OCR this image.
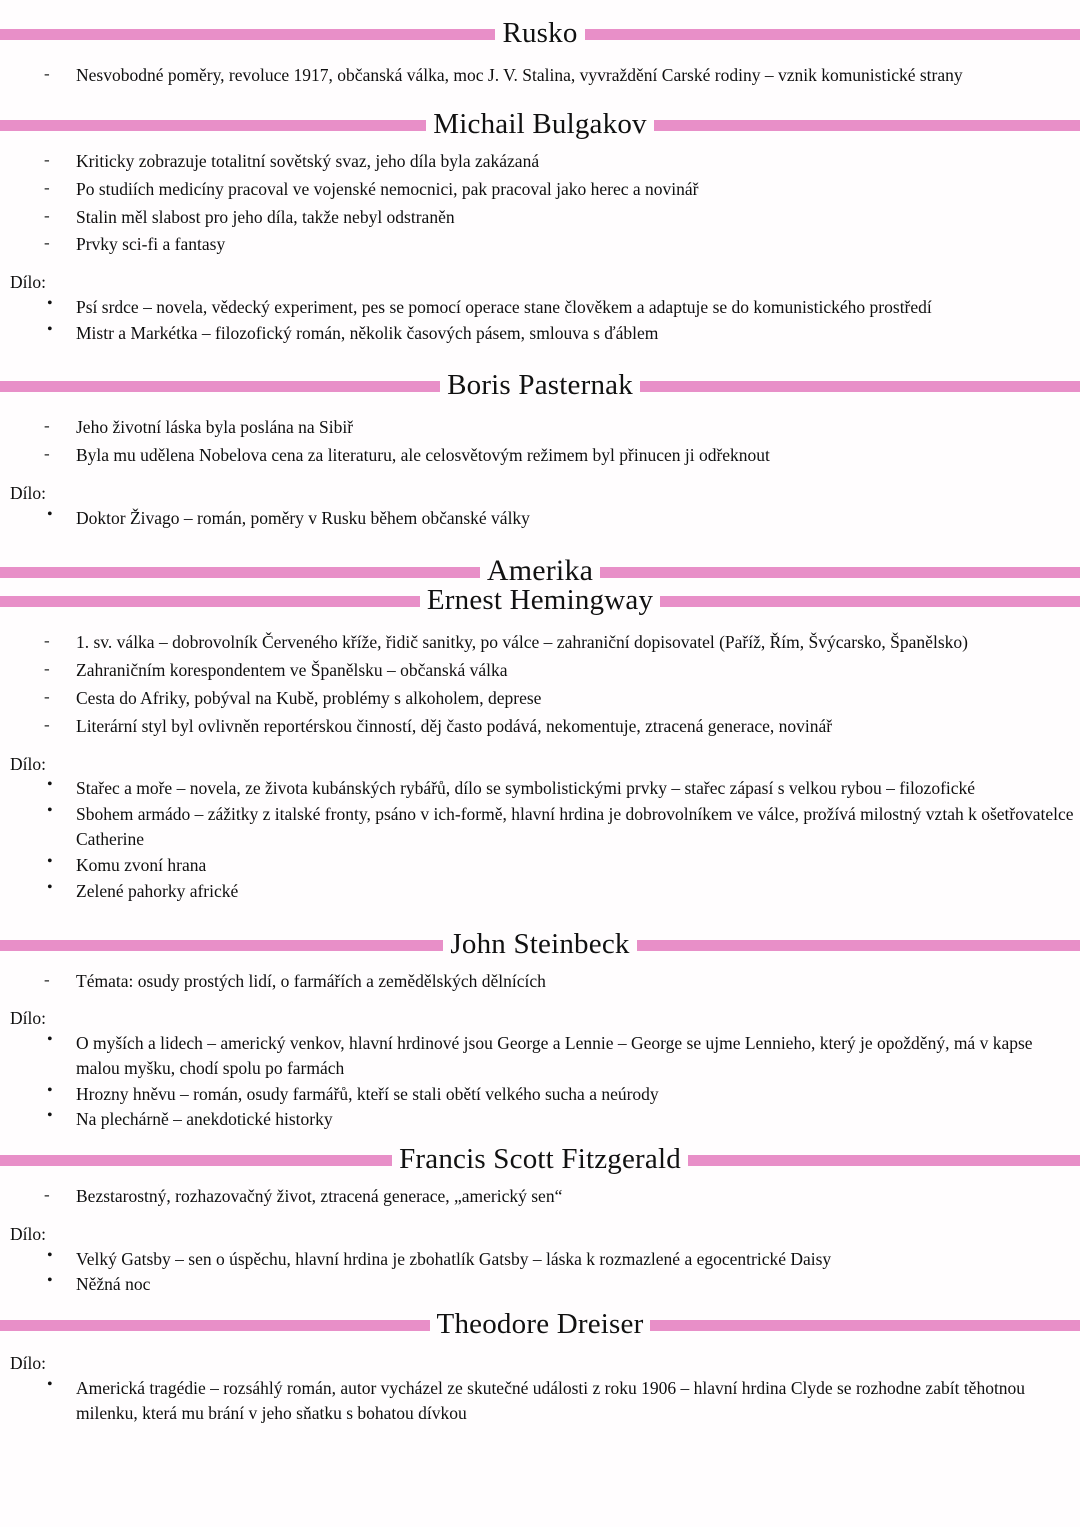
Rusko
- Nesvobodné poměry, revoluce 1917, občanská válka, moc J. V. Stalina, vyvraždění Carské rodiny – vznik komunistické strany
Michail Bulgakov
- Kriticky zobrazuje totalitní sovětský svaz, jeho díla byla zakázaná
- Po studiích medicíny pracoval ve vojenské nemocnici, pak pracoval jako herec a novinář
- Stalin měl slabost pro jeho díla, takže nebyl odstraněn
- Prvky sci-fi a fantasy
Dílo:
• Psí srdce – novela, vědecký experiment, pes se pomocí operace stane člověkem a adaptuje se do komunistického prostředí
• Mistr a Markétka – filozofický román, několik časových pásem, smlouva s ďáblem
Boris Pasternak
- Jeho životní láska byla poslána na Sibiř
- Byla mu udělena Nobelova cena za literaturu, ale celosvětovým režimem byl přinucen ji odřeknout
Dílo:
• Doktor Živago – román, poměry v Rusku během občanské války
Amerika
Ernest Hemingway
- 1. sv. válka – dobrovolník Červeného kříže, řidič sanitky, po válce – zahraniční dopisovatel (Paříž, Řím, Švýcarsko, Španělsko)
- Zahraničním korespondentem ve Španělsku – občanská válka
- Cesta do Afriky, pobýval na Kubě, problémy s alkoholem, deprese
- Literární styl byl ovlivněn reportérskou činností, děj často podává, nekomentuje, ztracená generace, novinář
Dílo:
• Stařec a moře – novela, ze života kubánských rybářů, dílo se symbolistickými prvky – stařec zápasí s velkou rybou – filozofické
• Sbohem armádo – zážitky z italské fronty, psáno v ich-formě, hlavní hrdina je dobrovolníkem ve válce, prožívá milostný vztah k ošetřovatelce Catherine
• Komu zvoní hrana
• Zelené pahorky africké
John Steinbeck
- Témata: osudy prostých lidí, o farmářích a zemědělských dělnících
Dílo:
• O myších a lidech – americký venkov, hlavní hrdinové jsou George a Lennie – George se ujme Lennieho, který je opožděný, má v kapse malou myšku, chodí spolu po farmách
• Hrozny hněvu – román, osudy farmářů, kteří se stali obětí velkého sucha a neúrody
• Na plechárně – anekdotické historky
Francis Scott Fitzgerald
- Bezstarostný, rozhazovačný život, ztracená generace, „americký sen“
Dílo:
• Velký Gatsby – sen o úspěchu, hlavní hrdina je zbohatlík Gatsby – láska k rozmazlené a egocentrické Daisy
• Něžná noc
Theodore Dreiser
Dílo:
• Americká tragédie – rozsáhlý román, autor vycházel ze skutečné události z roku 1906 – hlavní hrdina Clyde se rozhodne zabít těhotnou milenku, která mu brání v jeho sňatku s bohatou dívkou
